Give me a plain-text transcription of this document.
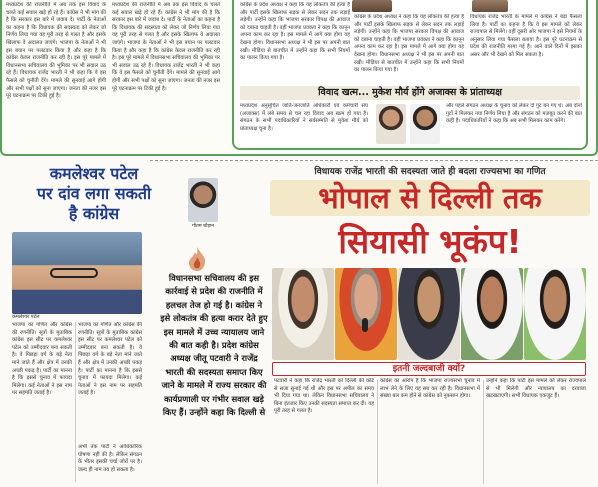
मध्यप्रदेश की राजनीति में अब तक इस विवाद के चलते कई सवाल खड़े हो रहे हैं। कांग्रेस ने भी मांग की है कि सरकार इस बारे में जवाब दे। पार्टी के नेताओं का कहना है कि विधायक की सदस्यता को लेकर जो निर्णय लिया गया वह पूरी तरह से गलत है और इसके खिलाफ वे अदालत जाएंगे। भाजपा के नेताओं ने भी इस बयान पर पलटवार किया है और कहा है कि कांग्रेस केवल राजनीति कर रही है। इस पूरे मामले में विधानसभा सचिवालय की भूमिका पर भी सवाल उठ रहे हैं। विधायक राजेंद्र भारती ने भी कहा कि वे इस फैसले को चुनौती देंगे। मामले की सुनवाई आगे होगी और सभी पक्षों को सुना जाएगा। जनता की नजर इस पूरे घटनाक्रम पर टिकी हुई है।
मध्यप्रदेश की राजनीति में अब तक इस विवाद के चलते कई सवाल खड़े हो रहे हैं। कांग्रेस ने भी मांग की है कि सरकार इस बारे में जवाब दे। पार्टी के नेताओं का कहना है कि विधायक की सदस्यता को लेकर जो निर्णय लिया गया वह पूरी तरह से गलत है और इसके खिलाफ वे अदालत जाएंगे। भाजपा के नेताओं ने भी इस बयान पर पलटवार किया है और कहा है कि कांग्रेस केवल राजनीति कर रही है। इस पूरे मामले में विधानसभा सचिवालय की भूमिका पर भी सवाल उठ रहे हैं। विधायक राजेंद्र भारती ने भी कहा कि वे इस फैसले को चुनौती देंगे। मामले की सुनवाई आगे होगी और सभी पक्षों को सुना जाएगा। जनता की नजर इस पूरे घटनाक्रम पर टिकी हुई है।
कांग्रेस के प्रदेश अध्यक्ष ने कहा कि यह लोकतंत्र की हत्या है और पार्टी इसके खिलाफ सड़क से लेकर सदन तक लड़ाई लड़ेगी। उन्होंने कहा कि भाजपा सरकार विपक्ष की आवाज को दबाना चाहती है। वहीं भाजपा प्रवक्ता ने कहा कि कानून अपना काम कर रहा है। इस मामले में आगे क्या होगा यह देखना होगा। विधानसभा अध्यक्ष ने भी इस पर अपनी बात रखी। मीडिया से बातचीत में उन्होंने कहा कि सभी नियमों का पालन किया गया है।
कांग्रेस के प्रदेश अध्यक्ष ने कहा कि यह लोकतंत्र की हत्या है और पार्टी इसके खिलाफ सड़क से लेकर सदन तक लड़ाई लड़ेगी। उन्होंने कहा कि भाजपा सरकार विपक्ष की आवाज को दबाना चाहती है। वहीं भाजपा प्रवक्ता ने कहा कि कानून अपना काम कर रहा है। इस मामले में आगे क्या होगा यह देखना होगा। विधानसभा अध्यक्ष ने भी इस पर अपनी बात रखी। मीडिया से बातचीत में उन्होंने कहा कि सभी नियमों का पालन किया गया है।
विधायक राजेंद्र भारती के मामले में कांग्रेस ने बड़ा फैसला लिया है। पार्टी का कहना है कि वे इस मामले को लेकर राज्यपाल से मिलेंगे। वहीं दूसरी ओर भाजपा ने इसे नियमों के अनुसार लिया गया फैसला बताया है। इस पूरे घटनाक्रम से प्रदेश की राजनीति गरमा गई है। आने वाले दिनों में इसका असर और भी देखने को मिल सकता है।
विवाद खत्म... मुकेश मौर्य होंगे अजाक्स के प्रांताध्यक्ष
मध्यप्रदेश अनुसूचित जाति-जनजाति अधिकारी एवं कर्मचारी संघ (अजाक्स) में लंबे समय से चल रहा विवाद अब खत्म हो गया है। संगठन के सभी पदाधिकारियों ने सर्वसम्मति से मुकेश मौर्य को प्रांताध्यक्ष चुना है।
और पहले संगठन अध्यक्ष के चुनाव को लेकर दो गुट बन गए थे। अब दोनों गुटों ने मिलकर नया निर्णय लिया है और संगठन को मजबूत करने की बात कही है। पदाधिकारियों ने कहा कि अब सभी मिलकर काम करेंगे।
कमलेश्वर पटेल
पर दांव लगा सकती
है कांग्रेस
गौतम चौहान
कमलेश्वर पटेल
भाजपा का गणित और कांग्रेस की रणनीति। सूत्रों के मुताबिक कांग्रेस इस सीट पर कमलेश्वर पटेल को उम्मीदवार बना सकती है। वे पिछड़ा वर्ग के बड़े नेता माने जाते हैं और क्षेत्र में उनकी अच्छी पकड़ है। पार्टी का मानना है कि इससे चुनाव में फायदा मिलेगा। कई नेताओं ने इस नाम पर सहमति जताई है।
भाजपा का गणित और कांग्रेस की रणनीति। सूत्रों के मुताबिक कांग्रेस इस सीट पर कमलेश्वर पटेल को उम्मीदवार बना सकती है। वे पिछड़ा वर्ग के बड़े नेता माने जाते हैं और क्षेत्र में उनकी अच्छी पकड़ है। पार्टी का मानना है कि इससे चुनाव में फायदा मिलेगा। कई नेताओं ने इस नाम पर सहमति जताई है।
अभी तक पार्टी ने आधिकारिक घोषणा नहीं की है। लेकिन संगठन के भीतर इसकी चर्चा जोरों पर है। जल्द ही नाम तय हो सकता है।
विधायक राजेंद्र भारती की सदस्यता जाते ही बदला राज्यसभा का गणित
भोपाल से दिल्ली तक
सियासी भूकंप!
विधानसभा सचिवालय की इस कार्रवाई से प्रदेश की राजनीति में हलचल तेज हो गई है। कांग्रेस ने इसे लोकतंत्र की हत्या करार देते हुए इस मामले में उच्च न्यायालय जाने की बात कही है। प्रदेश कांग्रेस अध्यक्ष जीतू पटवारी ने राजेंद्र भारती की सदस्यता समाप्त किए जाने के मामले में राज्य सरकार की कार्यप्रणाली पर गंभीर सवाल खड़े किए हैं। उन्होंने कहा कि दिल्ली से
इतनी जल्दबाजी क्यों?
पटवारी ने कहा कि राजेंद्र भारती को दिल्ली की कोर्ट से सजा सुनाई गई थी और इस पर अपील का समय भी दिया गया था। लेकिन विधानसभा सचिवालय ने बिना इंतजार किए उनकी सदस्यता समाप्त कर दी। यह पूरी तरह से गलत है।
कांग्रेस का आरोप है कि भाजपा राज्यसभा चुनाव में लाभ लेने के लिए यह सब कर रही है। विधानसभा में संख्या बल कम होने से कांग्रेस को नुकसान होगा।
उन्होंने कहा कि पार्टी इस मामले को लेकर राज्यपाल से भी मिलेगी और न्यायालय का दरवाजा खटखटाएगी। सभी विधायक एकजुट हैं।
